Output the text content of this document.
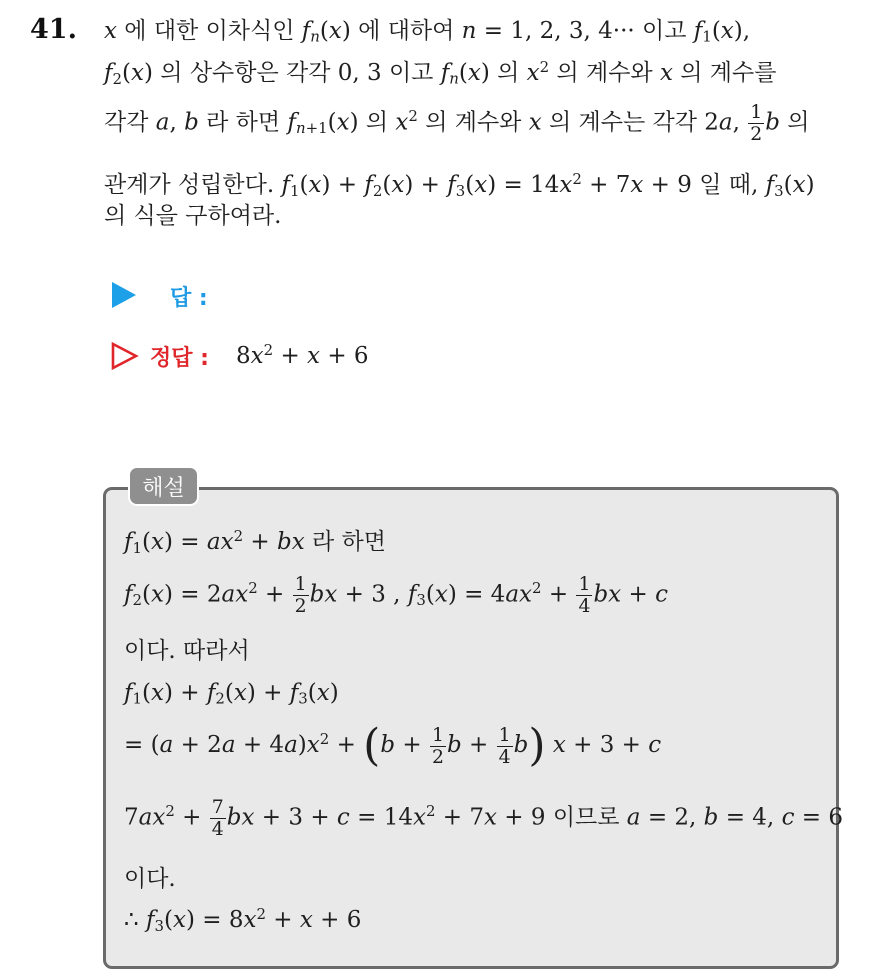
41. x 에 대한 이차식인 $f_n(x)$ 에 대하여 n = 1, 2, 3, 4··· 이고 $f_1(x)$,
$f_2(x)$ 의 상수항은 각각 0, 3 이고 $f_n(x)$ 의 $x^2$ 의 계수와 x 의 계수를
각각 a, b 라 하면 $f_{n+1}(x)$ 의 $x^2$ 의 계수와 x 의 계수는 각각 2a, $\frac{1}{2}$ b 의
관계가 성립한다. $f_1(x) + f_2(x) + f_3(x) = 14x^2 + 7x + 9$ 일 때, $f_3(x)$
의 식을 구하여라.
답 :
정답 : $8x^2 + x + 6$
해설
$f_1(x) = ax^2$ + bx 라 하면
$f_2(x) = 2ax^2 + \frac{1}{2}$ bx + 3 , $f_3(x) = 4ax^2 + \frac{1}{4}$ bx + c
이다. 따라서
$f_1(x) + f_2(x) + f_3(x)$
= $(a + 2a + 4a)x^2 + (b + \frac{1}{2}$ $b + \frac{1}{4} b$) x + 3 + c
$7ax^2 + \frac{7}{4}$ bx + $3 + c = 14x^2 + 7x + 9$ 이므로 a = 2, b = 4, c = 6
이다.
∴ $f_3(x) = 8x^2 + x + 6$
